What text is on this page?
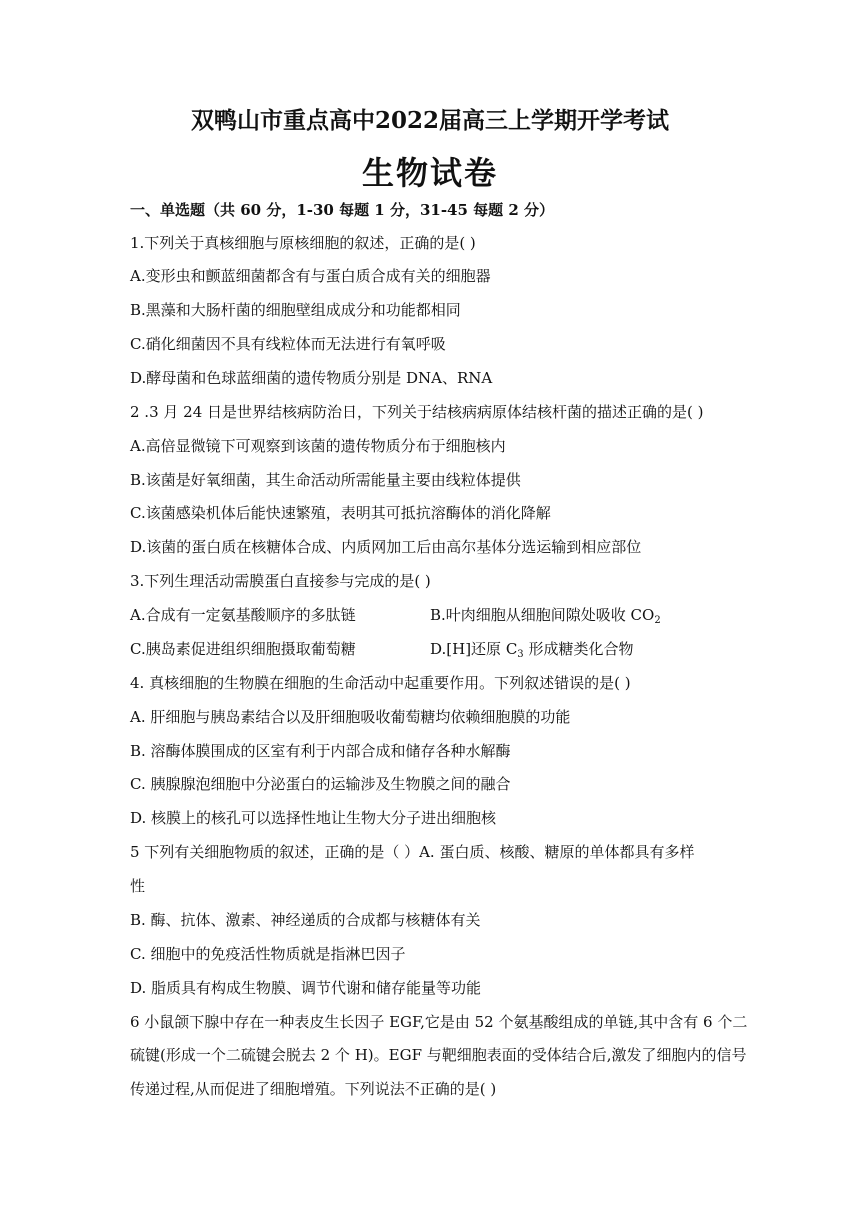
双鸭山市重点高中2022届高三上学期开学考试
生物试卷
一、单选题（共 60 分，1-30 每题 1 分，31-45 每题 2 分）
1.下列关于真核细胞与原核细胞的叙述，正确的是( )
A.变形虫和颤蓝细菌都含有与蛋白质合成有关的细胞器
B.黑藻和大肠杆菌的细胞壁组成成分和功能都相同
C.硝化细菌因不具有线粒体而无法进行有氧呼吸
D.酵母菌和色球蓝细菌的遗传物质分别是 DNA、RNA
2 .3 月 24 日是世界结核病防治日，下列关于结核病病原体结核杆菌的描述正确的是( )
A.高倍显微镜下可观察到该菌的遗传物质分布于细胞核内
B.该菌是好氧细菌，其生命活动所需能量主要由线粒体提供
C.该菌感染机体后能快速繁殖，表明其可抵抗溶酶体的消化降解
D.该菌的蛋白质在核糖体合成、内质网加工后由高尔基体分选运输到相应部位
3.下列生理活动需膜蛋白直接参与完成的是( )
A.合成有一定氨基酸顺序的多肽链	B.叶肉细胞从细胞间隙处吸收 $CO_2$
C.胰岛素促进组织细胞摄取葡萄糖	D.[H]还原 $C_3$ 形成糖类化合物
4. 真核细胞的生物膜在细胞的生命活动中起重要作用。下列叙述错误的是( )
A. 肝细胞与胰岛素结合以及肝细胞吸收葡萄糖均依赖细胞膜的功能
B. 溶酶体膜围成的区室有利于内部合成和储存各种水解酶
C. 胰腺腺泡细胞中分泌蛋白的运输涉及生物膜之间的融合
D. 核膜上的核孔可以选择性地让生物大分子进出细胞核
5 下列有关细胞物质的叙述，正确的是（ ）A. 蛋白质、核酸、糖原的单体都具有多样
性
B. 酶、抗体、激素、神经递质的合成都与核糖体有关
C. 细胞中的免疫活性物质就是指淋巴因子
D. 脂质具有构成生物膜、调节代谢和储存能量等功能
6 小鼠颌下腺中存在一种表皮生长因子 EGF,它是由 52 个氨基酸组成的单链,其中含有 6 个二
硫键(形成一个二硫键会脱去 2 个 H)。EGF 与靶细胞表面的受体结合后,激发了细胞内的信号
传递过程,从而促进了细胞增殖。下列说法不正确的是( )
